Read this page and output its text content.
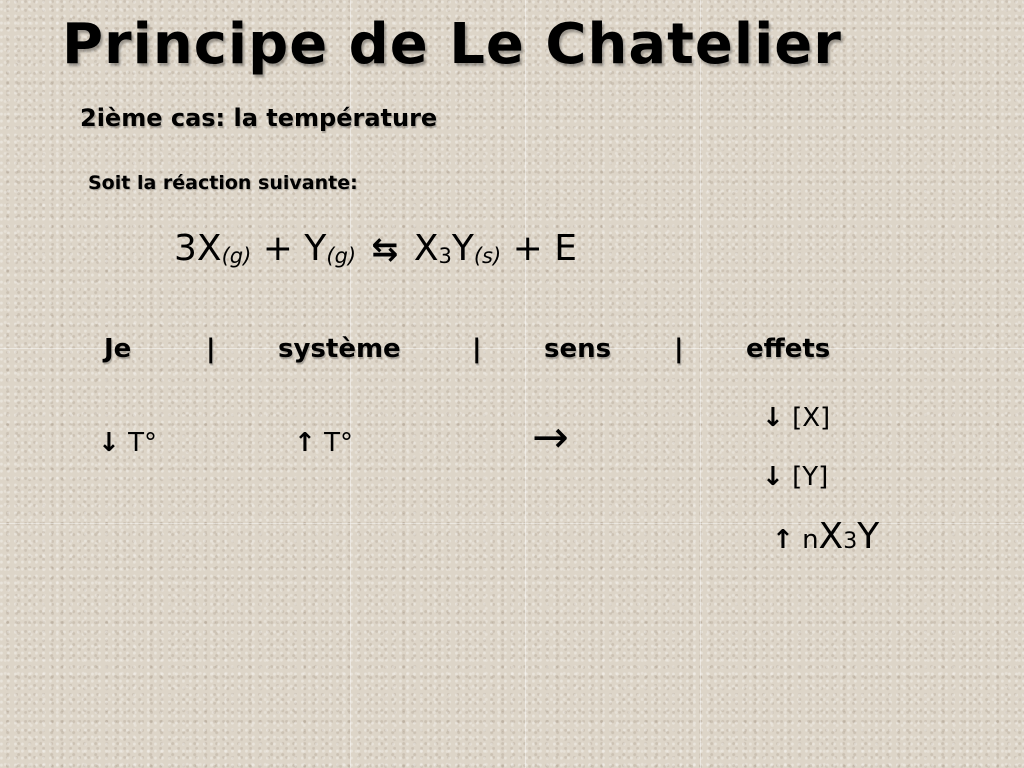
Principe de Le Chatelier
2ième cas: la température
Soit la réaction suivante:
3X(g) + Y(g) ⇆ X3Y(s) + E
Je	| système	| sens | effets
↓ T°	↑ T°	→	↓ [X]
↓ [Y]
↑ nX3Y
